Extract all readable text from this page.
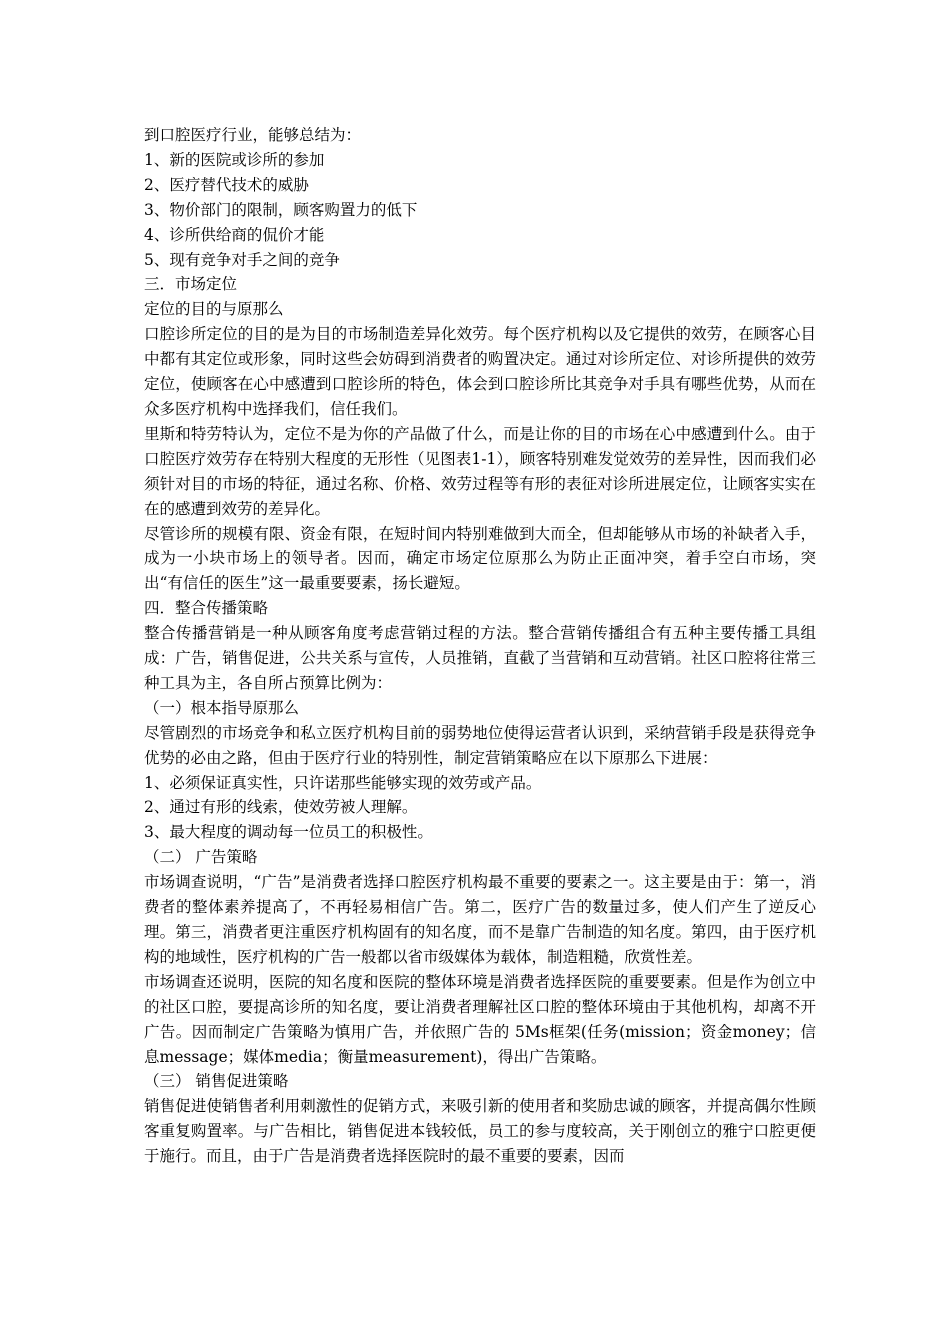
到口腔医疗行业，能够总结为：

1、新的医院或诊所的参加

2、医疗替代技术的威胁

3、物价部门的限制，顾客购置力的低下

4、诊所供给商的侃价才能

5、现有竞争对手之间的竞争

三．市场定位

定位的目的与原那么

口腔诊所定位的目的是为目的市场制造差异化效劳。每个医疗机构以及它提供的效劳，在顾客心目中都有其定位或形象，同时这些会妨碍到消费者的购置决定。通过对诊所定位、对诊所提供的效劳定位，使顾客在心中感遭到口腔诊所的特色，体会到口腔诊所比其竞争对手具有哪些优势，从而在众多医疗机构中选择我们，信任我们。

里斯和特劳特认为，定位不是为你的产品做了什么，而是让你的目的市场在心中感遭到什么。由于口腔医疗效劳存在特别大程度的无形性（见图表1-1），顾客特别难发觉效劳的差异性，因而我们必须针对目的市场的特征，通过名称、价格、效劳过程等有形的表征对诊所进展定位，让顾客实实在在的感遭到效劳的差异化。

尽管诊所的规模有限、资金有限，在短时间内特别难做到大而全，但却能够从市场的补缺者入手，成为一小块市场上的领导者。因而，确定市场定位原那么为防止正面冲突，着手空白市场，突出“有信任的医生”这一最重要要素，扬长避短。

四．整合传播策略

整合传播营销是一种从顾客角度考虑营销过程的方法。整合营销传播组合有五种主要传播工具组成：广告，销售促进，公共关系与宣传，人员推销，直截了当营销和互动营销。社区口腔将往常三种工具为主，各自所占预算比例为：

（一）根本指导原那么

尽管剧烈的市场竞争和私立医疗机构目前的弱势地位使得运营者认识到，采纳营销手段是获得竞争优势的必由之路，但由于医疗行业的特别性，制定营销策略应在以下原那么下进展：

1、必须保证真实性，只许诺那些能够实现的效劳或产品。

2、通过有形的线索，使效劳被人理解。

3、最大程度的调动每一位员工的积极性。

（二） 广告策略

市场调查说明，“广告”是消费者选择口腔医疗机构最不重要的要素之一。这主要是由于：第一，消费者的整体素养提高了，不再轻易相信广告。第二，医疗广告的数量过多，使人们产生了逆反心理。第三，消费者更注重医疗机构固有的知名度，而不是靠广告制造的知名度。第四，由于医疗机构的地域性，医疗机构的广告一般都以省市级媒体为载体，制造粗糙，欣赏性差。

市场调查还说明，医院的知名度和医院的整体环境是消费者选择医院的重要要素。但是作为创立中的社区口腔，要提高诊所的知名度，要让消费者理解社区口腔的整体环境由于其他机构，却离不开广告。因而制定广告策略为慎用广告，并依照广告的 5Ms框架(任务(mission；资金money；信息message；媒体media；衡量measurement)，得出广告策略。

（三） 销售促进策略

销售促进使销售者利用刺激性的促销方式，来吸引新的使用者和奖励忠诚的顾客，并提高偶尔性顾客重复购置率。与广告相比，销售促进本钱较低，员工的参与度较高，关于刚创立的雅宁口腔更便于施行。而且，由于广告是消费者选择医院时的最不重要的要素，因而
